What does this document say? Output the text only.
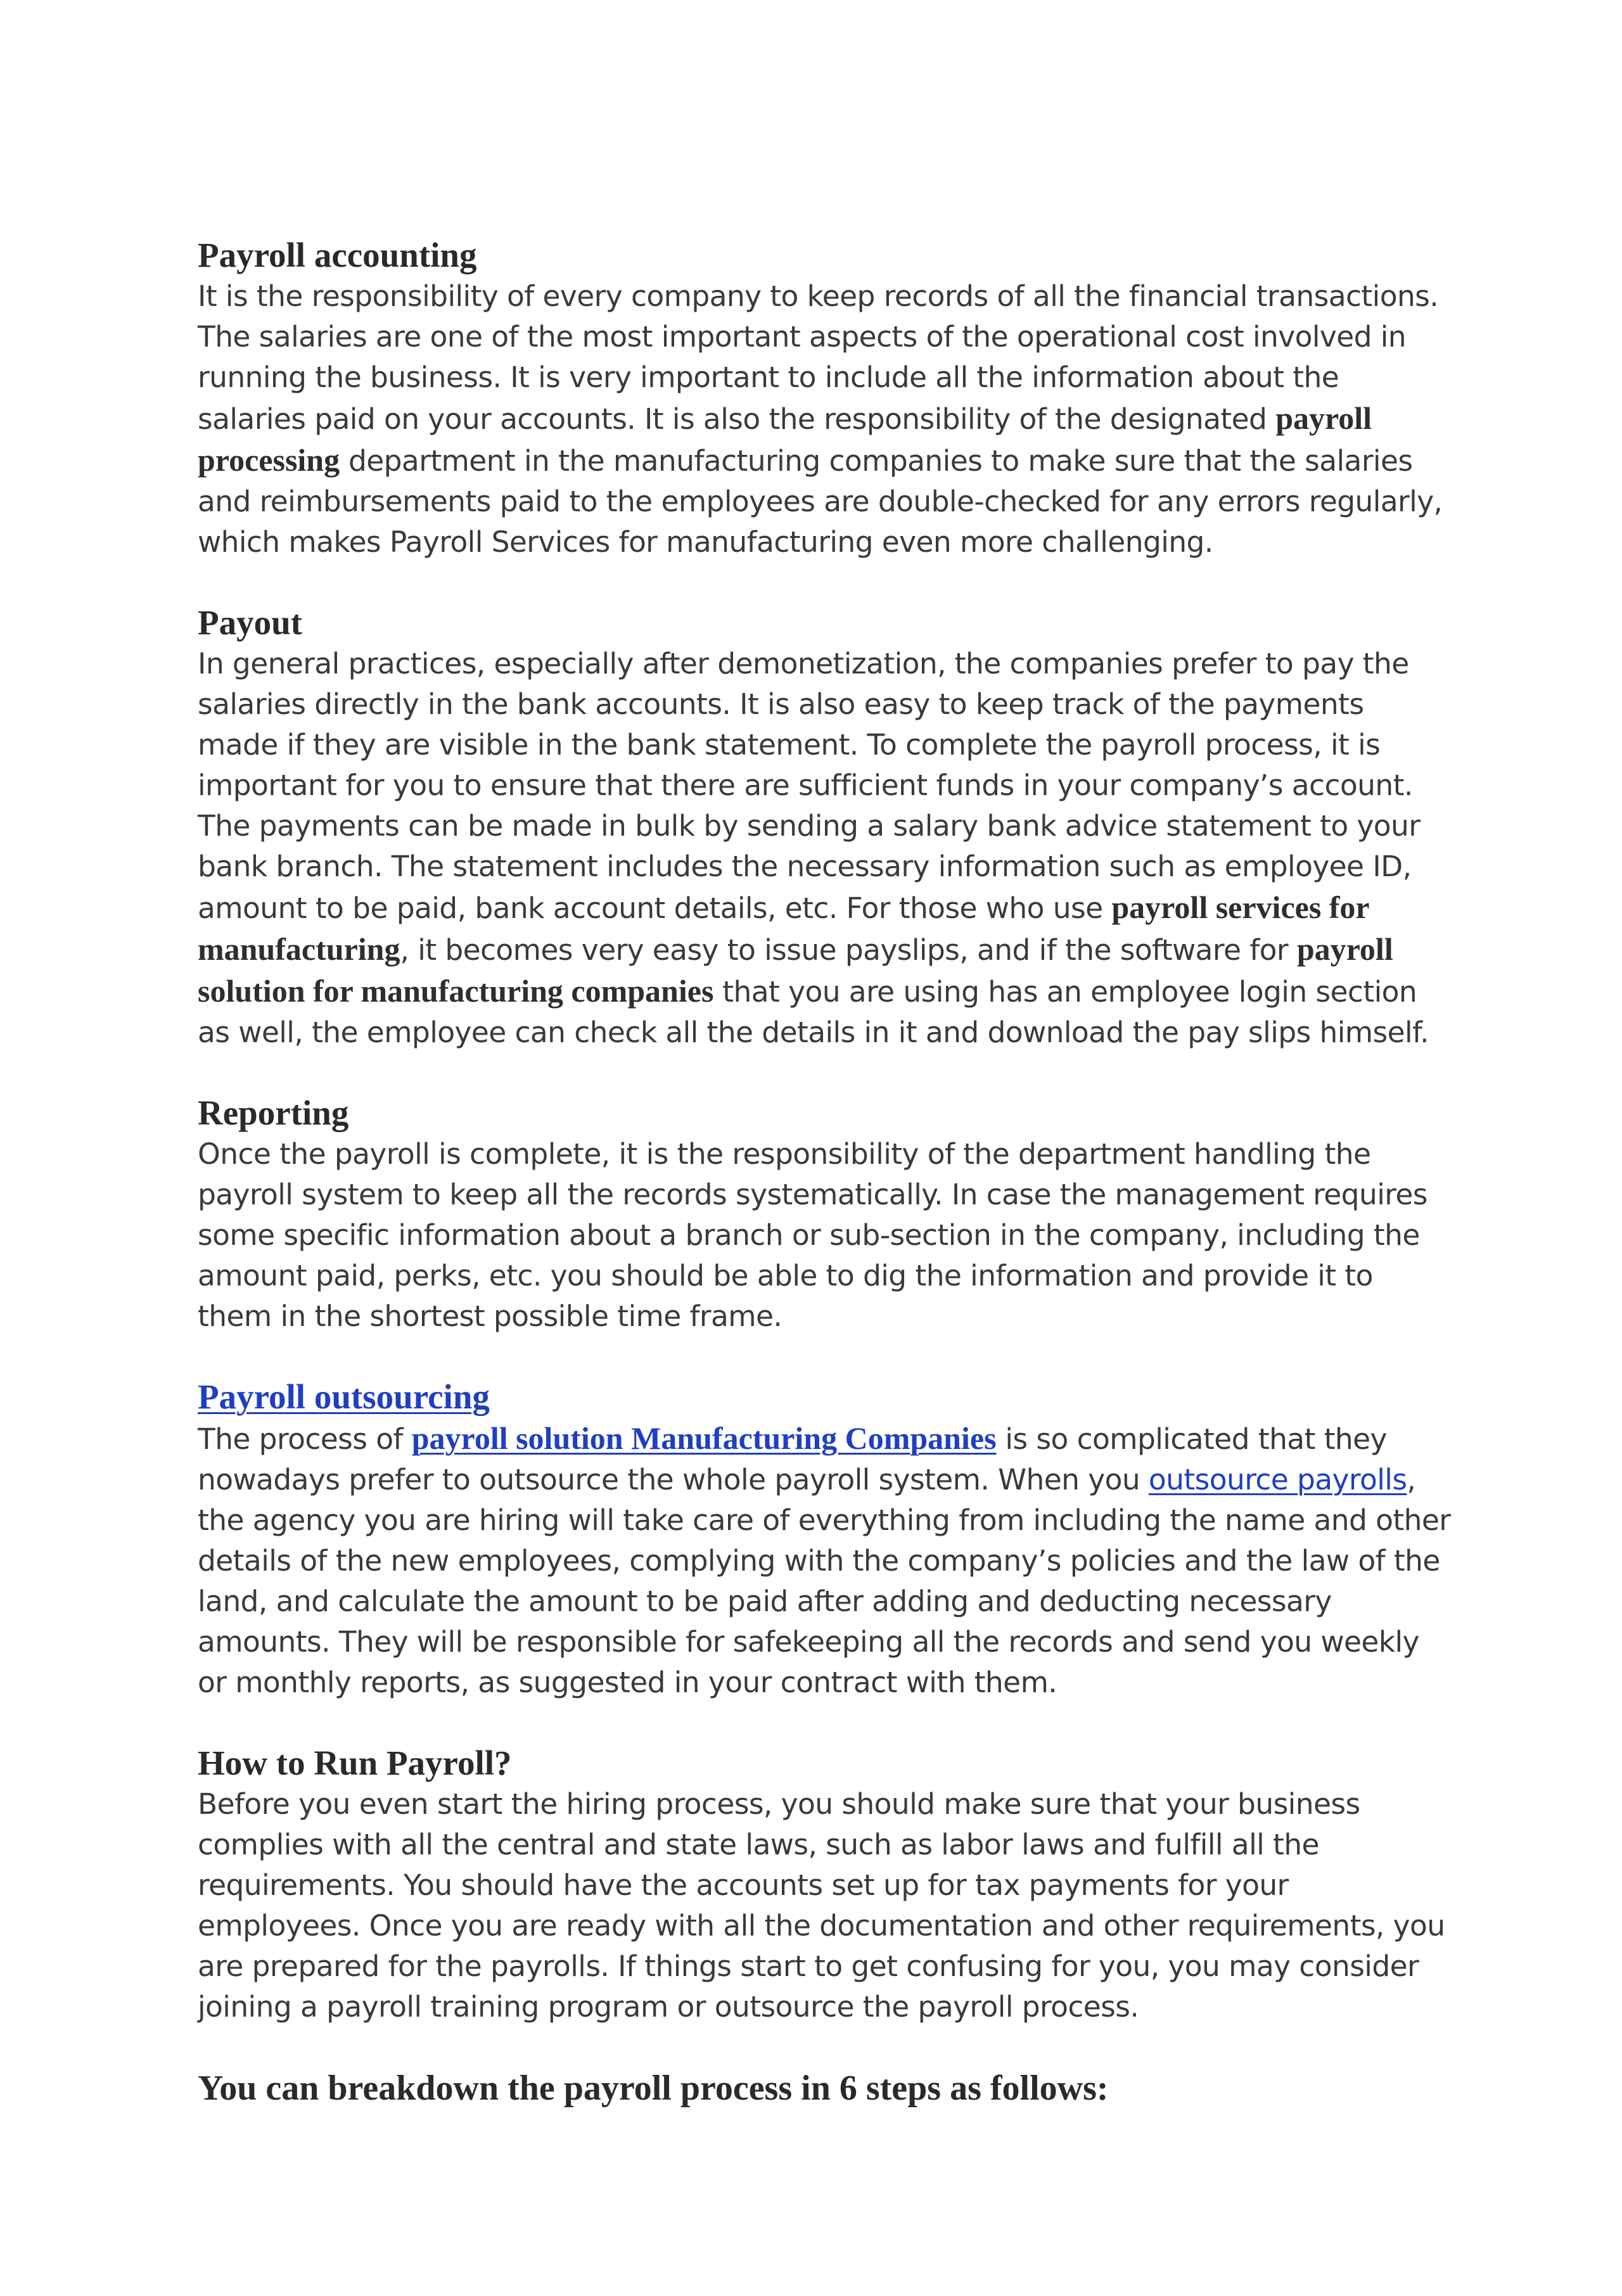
Payroll accounting

It is the responsibility of every company to keep records of all the financial transactions. The salaries are one of the most important aspects of the operational cost involved in running the business. It is very important to include all the information about the salaries paid on your accounts. It is also the responsibility of the designated payroll processing department in the manufacturing companies to make sure that the salaries and reimbursements paid to the employees are double-checked for any errors regularly, which makes Payroll Services for manufacturing even more challenging.

Payout

In general practices, especially after demonetization, the companies prefer to pay the salaries directly in the bank accounts. It is also easy to keep track of the payments made if they are visible in the bank statement. To complete the payroll process, it is important for you to ensure that there are sufficient funds in your company’s account. The payments can be made in bulk by sending a salary bank advice statement to your bank branch. The statement includes the necessary information such as employee ID, amount to be paid, bank account details, etc. For those who use payroll services for manufacturing, it becomes very easy to issue payslips, and if the software for payroll solution for manufacturing companies that you are using has an employee login section as well, the employee can check all the details in it and download the pay slips himself.

Reporting

Once the payroll is complete, it is the responsibility of the department handling the payroll system to keep all the records systematically. In case the management requires some specific information about a branch or sub-section in the company, including the amount paid, perks, etc. you should be able to dig the information and provide it to them in the shortest possible time frame.

Payroll outsourcing

The process of payroll solution Manufacturing Companies is so complicated that they nowadays prefer to outsource the whole payroll system. When you outsource payrolls, the agency you are hiring will take care of everything from including the name and other details of the new employees, complying with the company’s policies and the law of the land, and calculate the amount to be paid after adding and deducting necessary amounts. They will be responsible for safekeeping all the records and send you weekly or monthly reports, as suggested in your contract with them.

How to Run Payroll?

Before you even start the hiring process, you should make sure that your business complies with all the central and state laws, such as labor laws and fulfill all the requirements. You should have the accounts set up for tax payments for your employees. Once you are ready with all the documentation and other requirements, you are prepared for the payrolls. If things start to get confusing for you, you may consider joining a payroll training program or outsource the payroll process.

You can breakdown the payroll process in 6 steps as follows:
